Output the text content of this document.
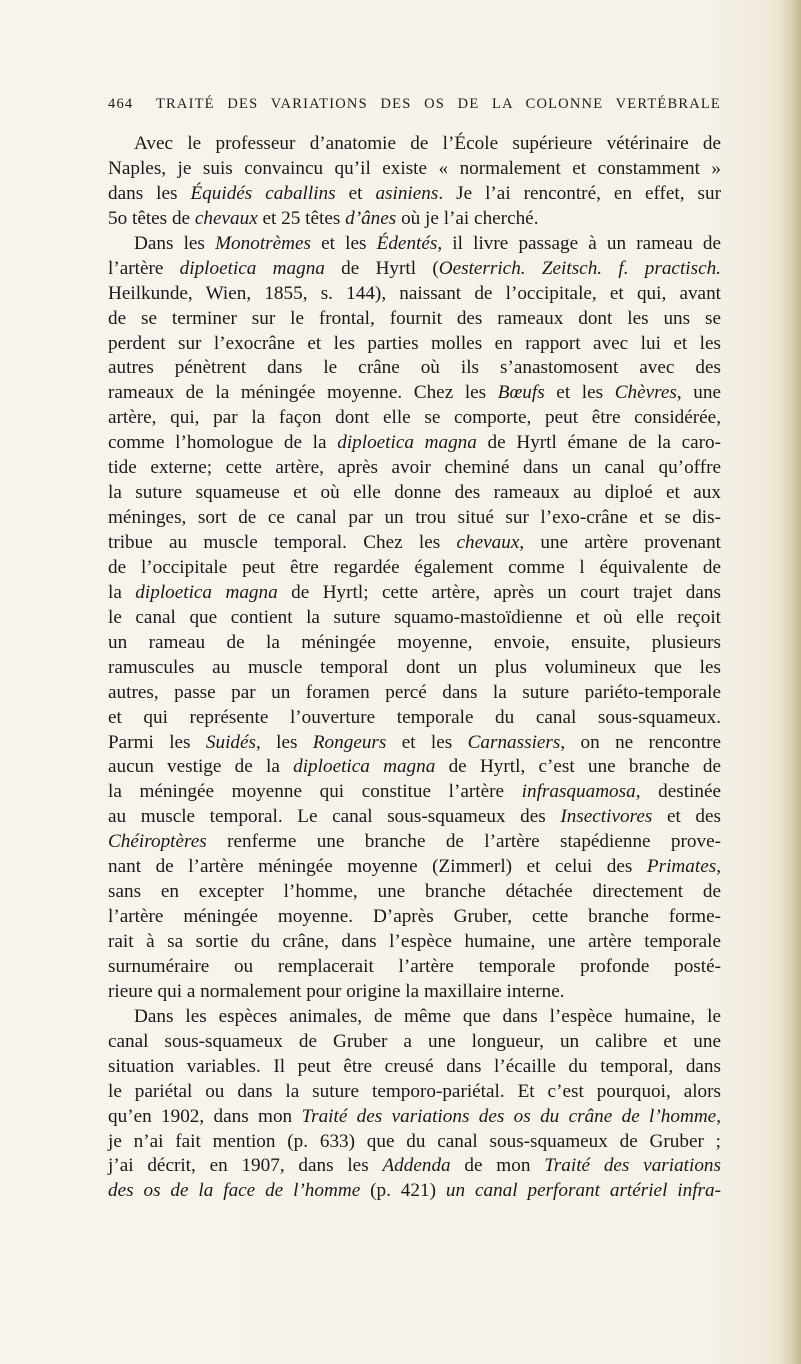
464 TRAITÉ DES VARIATIONS DES OS DE LA COLONNE VERTÉBRALE
Avec le professeur d’anatomie de l’École supérieure vétérinaire de
Naples, je suis convaincu qu’il existe « normalement et constamment »
dans les Équidés caballins et asiniens. Je l’ai rencontré, en effet, sur
5o têtes de chevaux et 25 têtes d’ânes où je l’ai cherché.
Dans les Monotrèmes et les Édentés, il livre passage à un rameau de
l’artère diploetica magna de Hyrtl (Oesterrich. Zeitsch. f. practisch.
Heilkunde, Wien, 1855, s. 144), naissant de l’occipitale, et qui, avant
de se terminer sur le frontal, fournit des rameaux dont les uns se
perdent sur l’exocrâne et les parties molles en rapport avec lui et les
autres pénètrent dans le crâne où ils s’anastomosent avec des
rameaux de la méningée moyenne. Chez les Bœufs et les Chèvres, une
artère, qui, par la façon dont elle se comporte, peut être considérée,
comme l’homologue de la diploetica magna de Hyrtl émane de la caro-
tide externe; cette artère, après avoir cheminé dans un canal qu’offre
la suture squameuse et où elle donne des rameaux au diploé et aux
méninges, sort de ce canal par un trou situé sur l’exo-crâne et se dis-
tribue au muscle temporal. Chez les chevaux, une artère provenant
de l’occipitale peut être regardée également comme l équivalente de
la diploetica magna de Hyrtl; cette artère, après un court trajet dans
le canal que contient la suture squamo-mastoïdienne et où elle reçoit
un rameau de la méningée moyenne, envoie, ensuite, plusieurs
ramuscules au muscle temporal dont un plus volumineux que les
autres, passe par un foramen percé dans la suture pariéto-temporale
et qui représente l’ouverture temporale du canal sous-squameux.
Parmi les Suidés, les Rongeurs et les Carnassiers, on ne rencontre
aucun vestige de la diploetica magna de Hyrtl, c’est une branche de
la méningée moyenne qui constitue l’artère infrasquamosa, destinée
au muscle temporal. Le canal sous-squameux des Insectivores et des
Chéiroptères renferme une branche de l’artère stapédienne prove-
nant de l’artère méningée moyenne (Zimmerl) et celui des Primates,
sans en excepter l’homme, une branche détachée directement de
l’artère méningée moyenne. D’après Gruber, cette branche forme-
rait à sa sortie du crâne, dans l’espèce humaine, une artère temporale
surnuméraire ou remplacerait l’artère temporale profonde posté-
rieure qui a normalement pour origine la maxillaire interne.
Dans les espèces animales, de même que dans l’espèce humaine, le
canal sous-squameux de Gruber a une longueur, un calibre et une
situation variables. Il peut être creusé dans l’écaille du temporal, dans
le pariétal ou dans la suture temporo-pariétal. Et c’est pourquoi, alors
qu’en 1902, dans mon Traité des variations des os du crâne de l’homme,
je n’ai fait mention (p. 633) que du canal sous-squameux de Gruber ;
j’ai décrit, en 1907, dans les Addenda de mon Traité des variations
des os de la face de l’homme (p. 421) un canal perforant artériel infra-
